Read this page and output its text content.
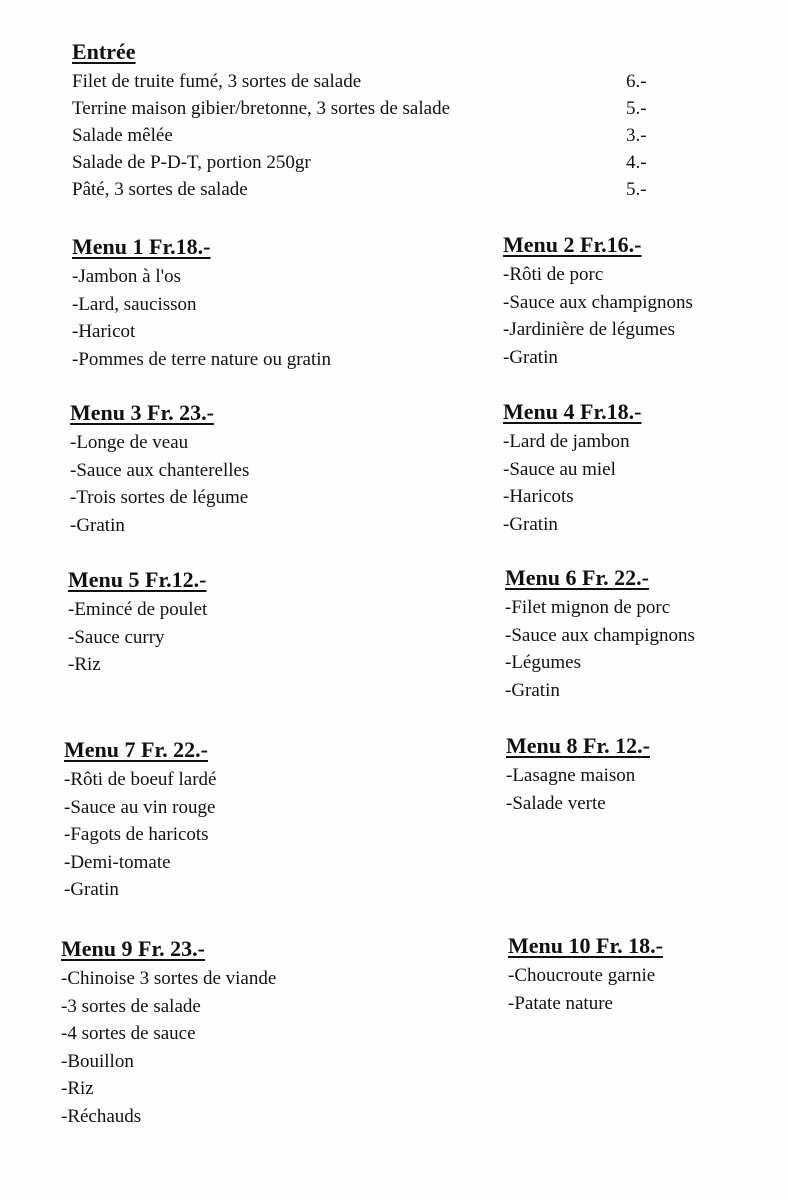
Entrée
Filet de truite fumé, 3 sortes de salade	6.-
Terrine maison gibier/bretonne, 3 sortes de salade	5.-
Salade mêlée	3.-
Salade de P-D-T, portion 250gr	4.-
Pâté, 3 sortes de salade	5.-
Menu 1 Fr.18.-
-Jambon à l'os
-Lard, saucisson
-Haricot
-Pommes de terre nature ou gratin
Menu 2 Fr.16.-
-Rôti de porc
-Sauce aux champignons
-Jardinière de légumes
-Gratin
Menu 3 Fr. 23.-
-Longe de veau
-Sauce aux chanterelles
-Trois sortes de légume
-Gratin
Menu 4 Fr.18.-
-Lard de jambon
-Sauce au miel
-Haricots
-Gratin
Menu 5 Fr.12.-
-Emincé de poulet
-Sauce curry
-Riz
Menu 6 Fr. 22.-
-Filet mignon de porc
-Sauce aux champignons
-Légumes
-Gratin
Menu 7 Fr. 22.-
-Rôti de boeuf lardé
-Sauce au vin rouge
-Fagots de haricots
-Demi-tomate
-Gratin
Menu 8 Fr. 12.-
-Lasagne maison
-Salade verte
Menu 9 Fr. 23.-
-Chinoise 3 sortes de viande
-3 sortes de salade
-4 sortes de sauce
-Bouillon
-Riz
-Réchauds
Menu 10 Fr. 18.-
-Choucroute garnie
-Patate nature
